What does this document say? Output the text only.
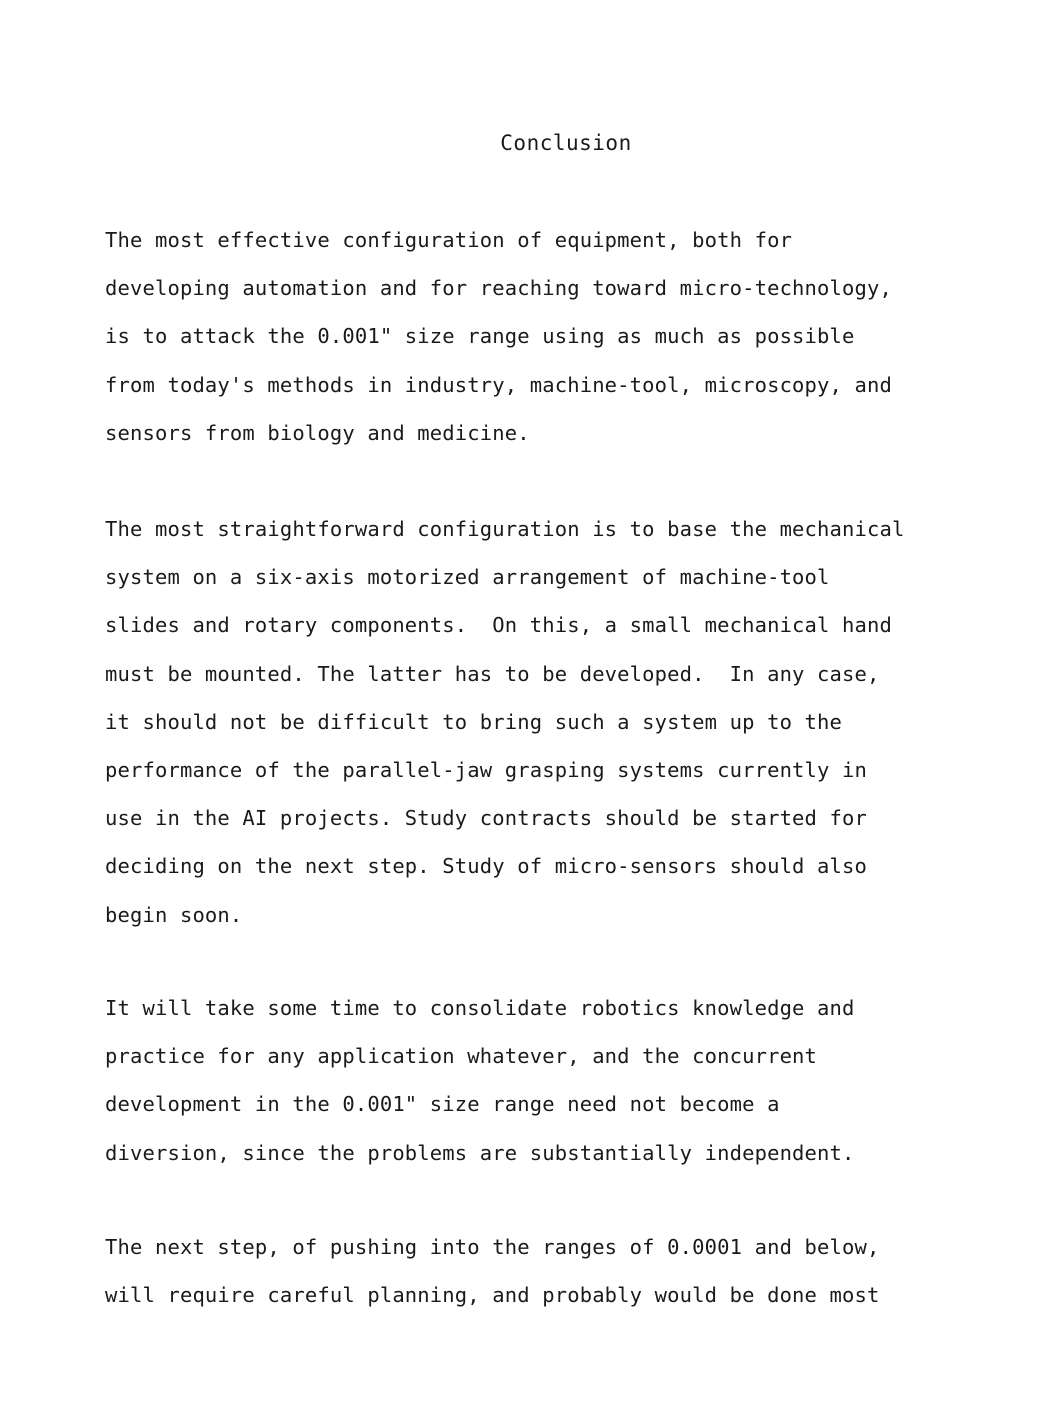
Conclusion

The most effective configuration of equipment, both for
developing automation and for reaching toward micro-technology,
is to attack the 0.001" size range using as much as possible
from today's methods in industry, machine-tool, microscopy, and
sensors from biology and medicine.

The most straightforward configuration is to base the mechanical
system on a six-axis motorized arrangement of machine-tool
slides and rotary components.  On this, a small mechanical hand
must be mounted. The latter has to be developed.  In any case,
it should not be difficult to bring such a system up to the
performance of the parallel-jaw grasping systems currently in
use in the AI projects. Study contracts should be started for
deciding on the next step. Study of micro-sensors should also
begin soon.

It will take some time to consolidate robotics knowledge and
practice for any application whatever, and the concurrent
development in the 0.001" size range need not become a
diversion, since the problems are substantially independent.

The next step, of pushing into the ranges of 0.0001 and below,
will require careful planning, and probably would be done most
